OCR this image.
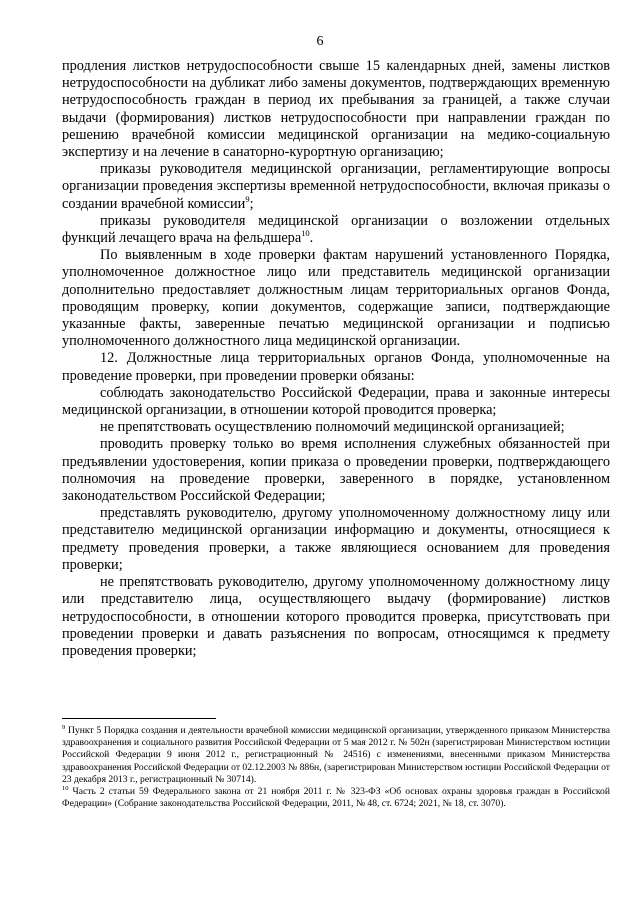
6

продления листков нетрудоспособности свыше 15 календарных дней, замены листков нетрудоспособности на дубликат либо замены документов, подтверждающих временную нетрудоспособность граждан в период их пребывания за границей, а также случаи выдачи (формирования) листков нетрудоспособности при направлении граждан по решению врачебной комиссии медицинской организации на медико-социальную экспертизу и на лечение в санаторно-курортную организацию;

приказы руководителя медицинской организации, регламентирующие вопросы организации проведения экспертизы временной нетрудоспособности, включая приказы о создании врачебной комиссии$^9$;

приказы руководителя медицинской организации о возложении отдельных функций лечащего врача на фельдшера$^{10}$.

По выявленным в ходе проверки фактам нарушений установленного Порядка, уполномоченное должностное лицо или представитель медицинской организации дополнительно предоставляет должностным лицам территориальных органов Фонда, проводящим проверку, копии документов, содержащие записи, подтверждающие указанные факты, заверенные печатью медицинской организации и подписью уполномоченного должностного лица медицинской организации.

12. Должностные лица территориальных органов Фонда, уполномоченные на проведение проверки, при проведении проверки обязаны:

соблюдать законодательство Российской Федерации, права и законные интересы медицинской организации, в отношении которой проводится проверка;

не препятствовать осуществлению полномочий медицинской организацией;

проводить проверку только во время исполнения служебных обязанностей при предъявлении удостоверения, копии приказа о проведении проверки, подтверждающего полномочия на проведение проверки, заверенного в порядке, установленном законодательством Российской Федерации;

представлять руководителю, другому уполномоченному должностному лицу или представителю медицинской организации информацию и документы, относящиеся к предмету проведения проверки, а также являющиеся основанием для проведения проверки;

не препятствовать руководителю, другому уполномоченному должностному лицу или представителю лица, осуществляющего выдачу (формирование) листков нетрудоспособности, в отношении которого проводится проверка, присутствовать при проведении проверки и давать разъяснения по вопросам, относящимся к предмету проведения проверки;

$^9$ Пункт 5 Порядка создания и деятельности врачебной комиссии медицинской организации, утвержденного приказом Министерства здравоохранения и социального развития Российской Федерации от 5 мая 2012 г. № 502н (зарегистрирован Министерством юстиции Российской Федерации 9 июня 2012 г., регистрационный № 24516) с изменениями, внесенными приказом Министерства здравоохранения Российской Федерации от 02.12.2003 № 886н, (зарегистрирован Министерством юстиции Российской Федерации от 23 декабря 2013 г., регистрационный № 30714).

$^{10}$ Часть 2 статьи 59 Федерального закона от 21 ноября 2011 г. № 323-ФЗ «Об основах охраны здоровья граждан в Российской Федерации» (Собрание законодательства Российской Федерации, 2011, № 48, ст. 6724; 2021, № 18, ст. 3070).
